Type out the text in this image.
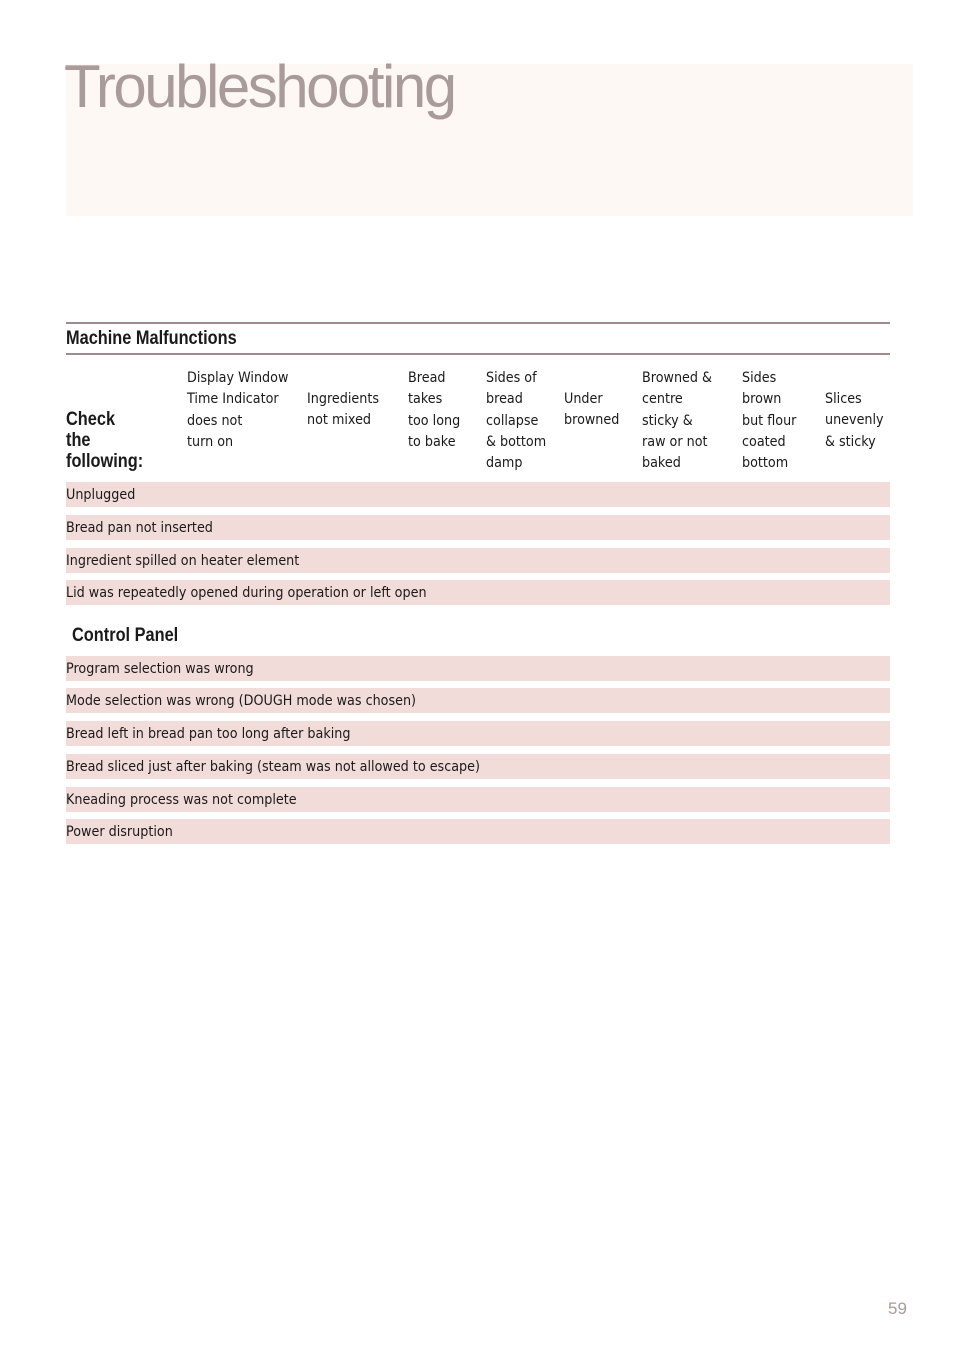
Troubleshooting
Machine Malfunctions
Check
the
following:
Display Window
Time Indicator
does not
turn on
Ingredients
not mixed
Bread
takes
too long
to bake
Sides of
bread
collapse
& bottom
damp
Under
browned
Browned &
centre
sticky &
raw or not
baked
Sides
brown
but flour
coated
bottom
Slices
unevenly
& sticky
Unplugged
Bread pan not inserted
Ingredient spilled on heater element
Lid was repeatedly opened during operation or left open
Control Panel
Program selection was wrong
Mode selection was wrong (DOUGH mode was chosen)
Bread left in bread pan too long after baking
Bread sliced just after baking (steam was not allowed to escape)
Kneading process was not complete
Power disruption
59
